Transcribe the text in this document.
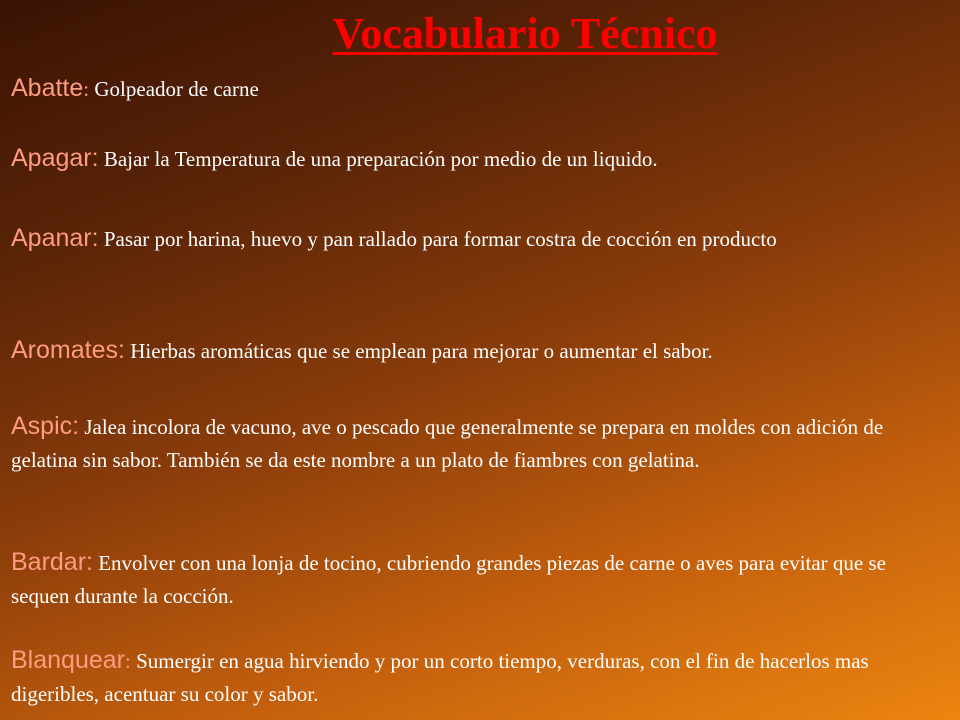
Vocabulario Técnico

Abatte: Golpeador de carne

Apagar: Bajar la Temperatura de una preparación por medio de un liquido.

Apanar: Pasar por harina, huevo y pan rallado para formar costra de cocción en producto

Aromates: Hierbas aromáticas que se emplean para mejorar o aumentar el sabor.

Aspic: Jalea incolora de vacuno, ave o pescado que generalmente se prepara en moldes con adición de gelatina sin sabor. También se da este nombre a un plato de fiambres con gelatina.

Bardar: Envolver con una lonja de tocino, cubriendo grandes piezas de carne o aves para evitar que se sequen durante la cocción.

Blanquear: Sumergir en agua hirviendo y por un corto tiempo, verduras, con el fin de hacerlos mas digeribles, acentuar su color y sabor.
